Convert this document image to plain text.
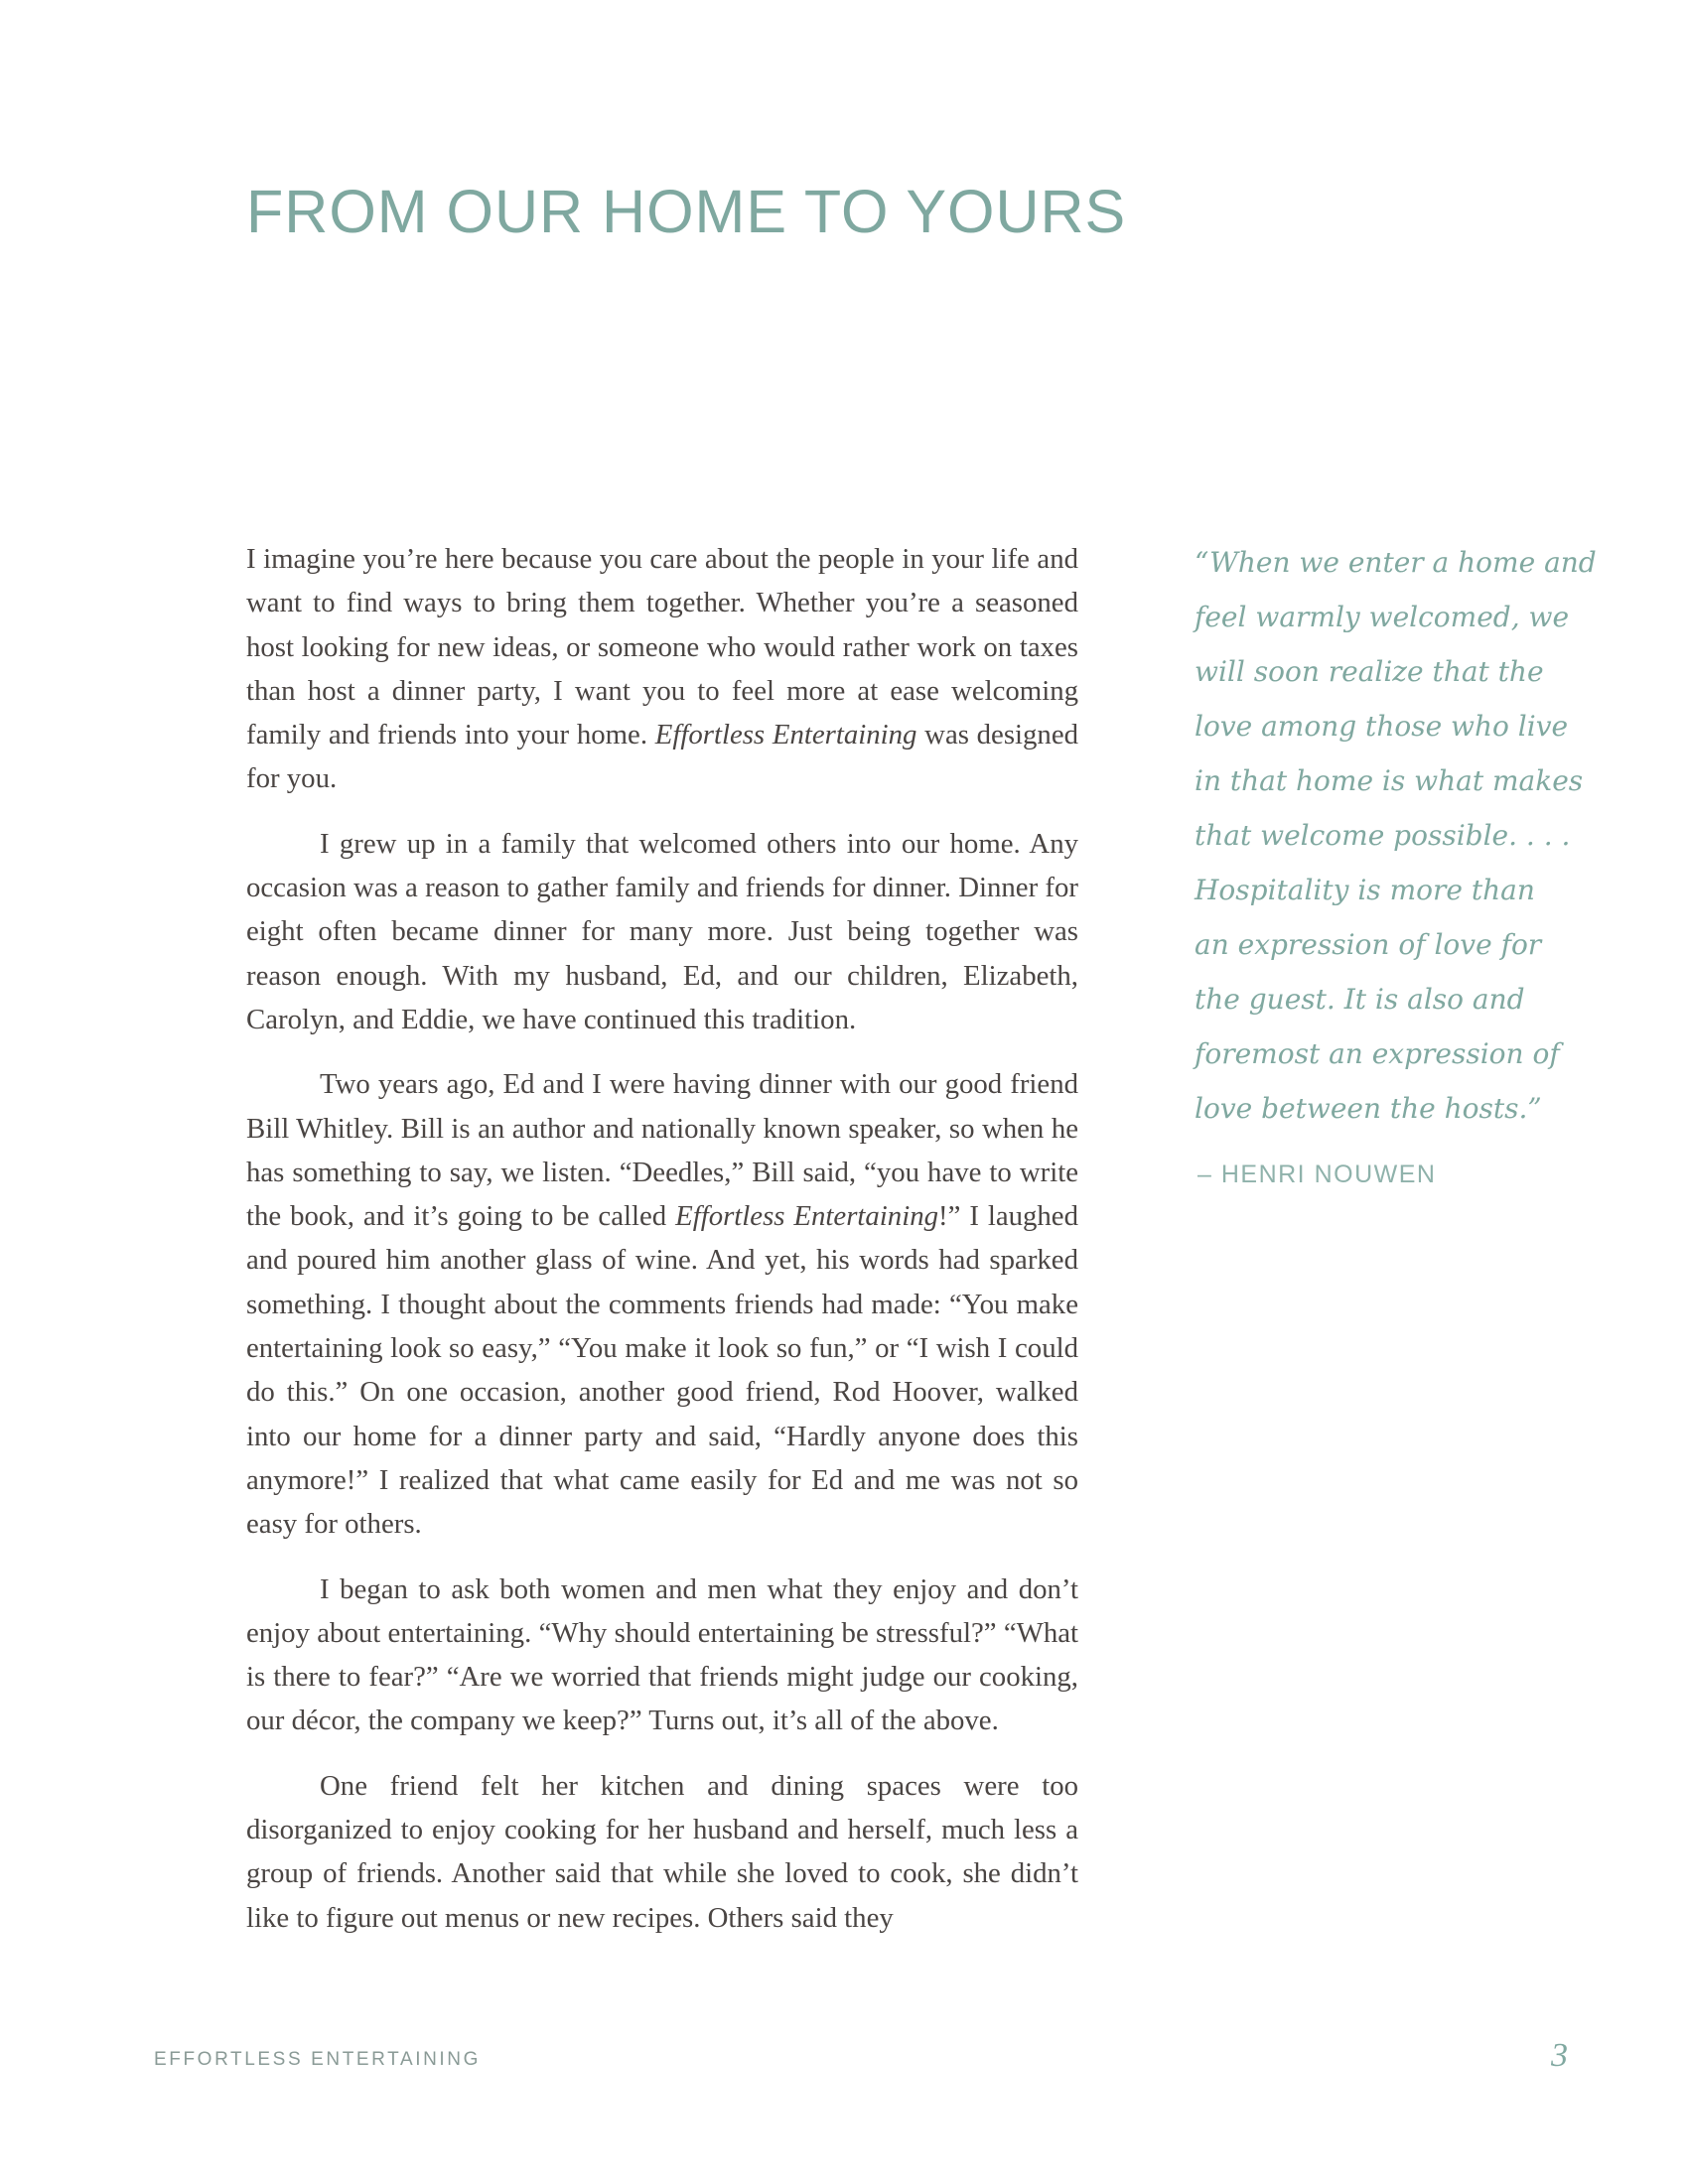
FROM OUR HOME TO YOURS

I imagine you’re here because you care about the people in your life and want to find ways to bring them together. Whether you’re a seasoned host looking for new ideas, or someone who would rather work on taxes than host a dinner party, I want you to feel more at ease welcoming family and friends into your home. Effortless Entertaining was designed for you.

I grew up in a family that welcomed others into our home. Any occasion was a reason to gather family and friends for dinner. Dinner for eight often became dinner for many more. Just being together was reason enough. With my husband, Ed, and our children, Elizabeth, Carolyn, and Eddie, we have continued this tradition.

Two years ago, Ed and I were having dinner with our good friend Bill Whitley. Bill is an author and nationally known speaker, so when he has something to say, we listen. “Deedles,” Bill said, “you have to write the book, and it’s going to be called Effortless Entertaining!” I laughed and poured him another glass of wine. And yet, his words had sparked something. I thought about the comments friends had made: “You make entertaining look so easy,” “You make it look so fun,” or “I wish I could do this.” On one occasion, another good friend, Rod Hoover, walked into our home for a dinner party and said, “Hardly anyone does this anymore!” I realized that what came easily for Ed and me was not so easy for others.

I began to ask both women and men what they enjoy and don’t enjoy about entertaining. “Why should entertaining be stressful?” “What is there to fear?” “Are we worried that friends might judge our cooking, our décor, the company we keep?” Turns out, it’s all of the above.

One friend felt her kitchen and dining spaces were too disorganized to enjoy cooking for her husband and herself, much less a group of friends. Another said that while she loved to cook, she didn’t like to figure out menus or new recipes. Others said they

“When we enter a home and
feel warmly welcomed, we
will soon realize that the
love among those who live
in that home is what makes
that welcome possible. . . .
Hospitality is more than
an expression of love for
the guest. It is also and
foremost an expression of
love between the hosts.”

– HENRI NOUWEN

EFFORTLESS ENTERTAINING	3
